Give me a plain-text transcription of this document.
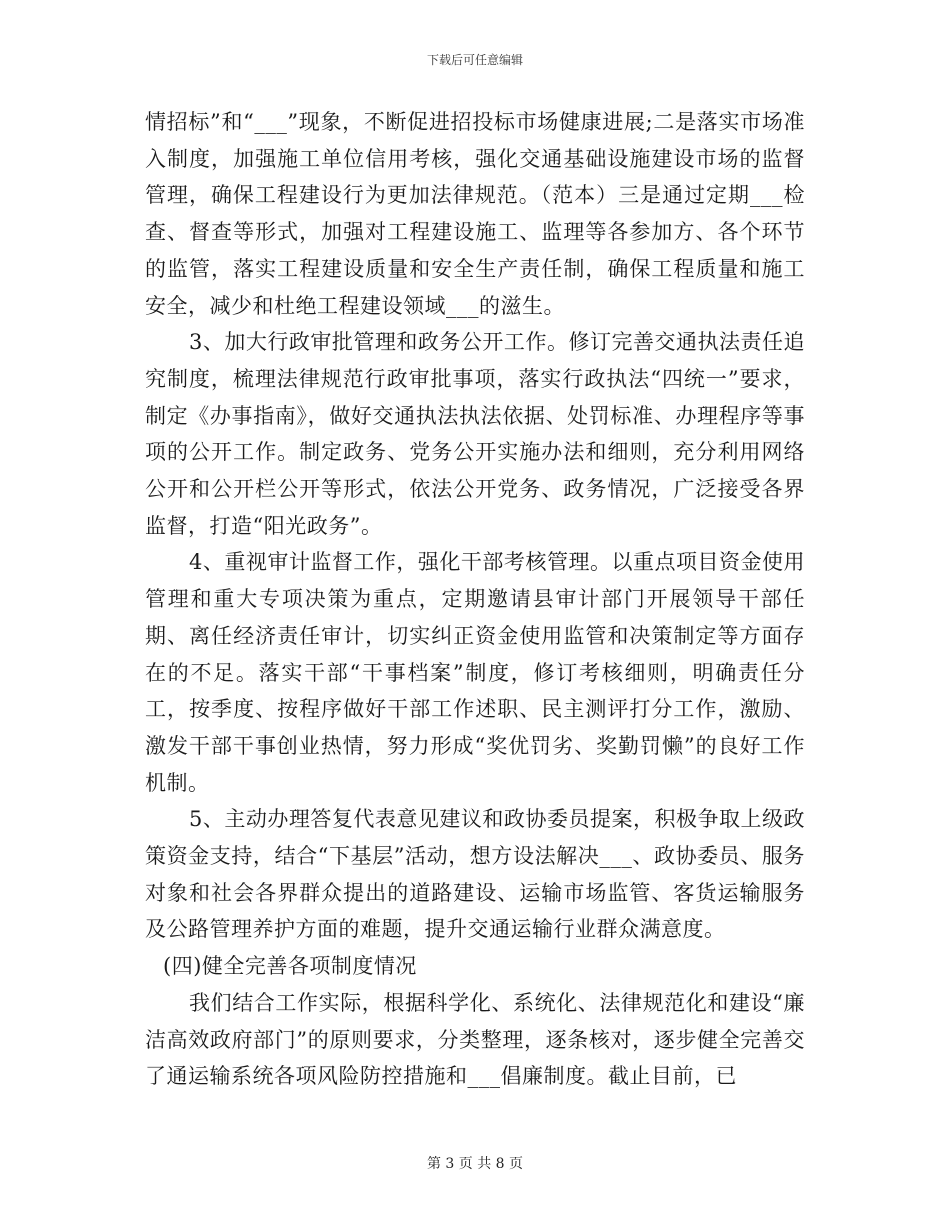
下载后可任意编辑

情招标”和“___”现象，不断促进招投标市场健康进展;二是落实市场准入制度，加强施工单位信用考核，强化交通基础设施建设市场的监督管理，确保工程建设行为更加法律规范。（范本）三是通过定期___检查、督查等形式，加强对工程建设施工、监理等各参加方、各个环节的监管，落实工程建设质量和安全生产责任制，确保工程质量和施工安全，减少和杜绝工程建设领域___的滋生。

3、加大行政审批管理和政务公开工作。修订完善交通执法责任追究制度，梳理法律规范行政审批事项，落实行政执法“四统一”要求，制定《办事指南》，做好交通执法执法依据、处罚标准、办理程序等事项的公开工作。制定政务、党务公开实施办法和细则，充分利用网络公开和公开栏公开等形式，依法公开党务、政务情况，广泛接受各界监督，打造“阳光政务”。

4、重视审计监督工作，强化干部考核管理。以重点项目资金使用管理和重大专项决策为重点，定期邀请县审计部门开展领导干部任期、离任经济责任审计，切实纠正资金使用监管和决策制定等方面存在的不足。落实干部“干事档案”制度，修订考核细则，明确责任分工，按季度、按程序做好干部工作述职、民主测评打分工作，激励、激发干部干事创业热情，努力形成“奖优罚劣、奖勤罚懒”的良好工作机制。

5、主动办理答复代表意见建议和政协委员提案，积极争取上级政策资金支持，结合“下基层”活动，想方设法解决___、政协委员、服务对象和社会各界群众提出的道路建设、运输市场监管、客货运输服务及公路管理养护方面的难题，提升交通运输行业群众满意度。

(四)健全完善各项制度情况

我们结合工作实际，根据科学化、系统化、法律规范化和建设“廉洁高效政府部门”的原则要求，分类整理，逐条核对，逐步健全完善交了通运输系统各项风险防控措施和___倡廉制度。截止目前，已

第 3 页 共 8 页
